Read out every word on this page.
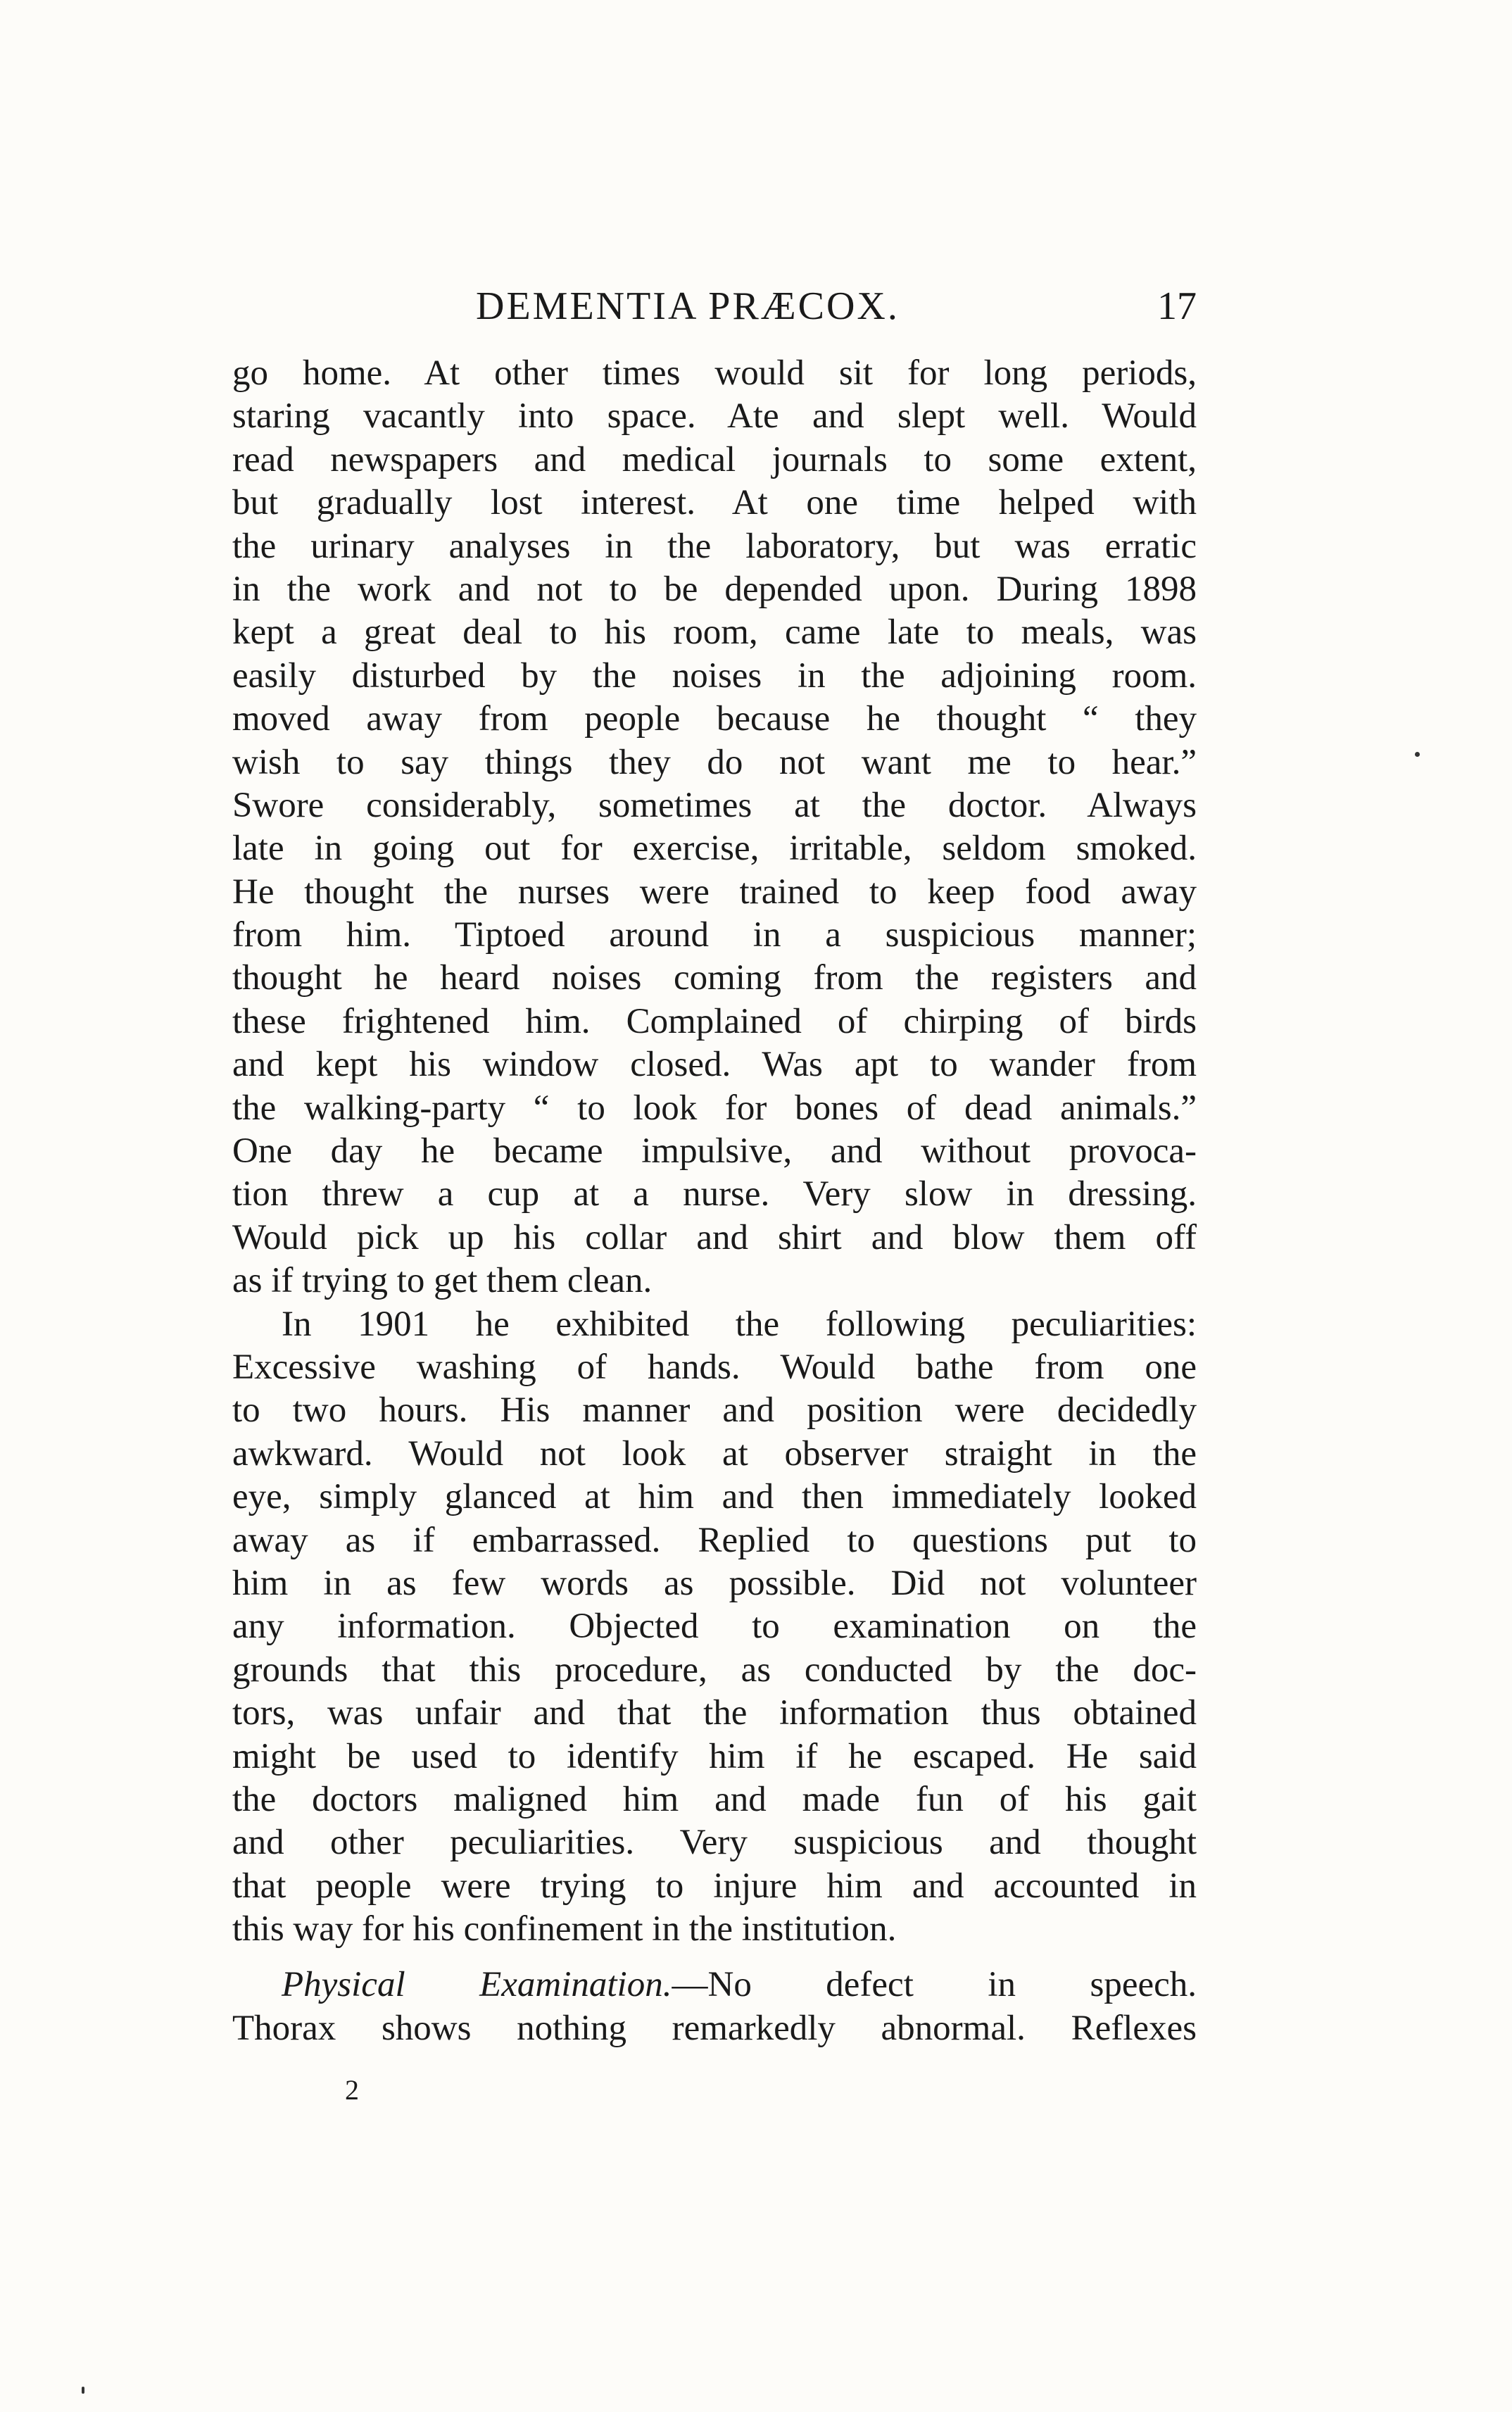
DEMENTIA PRÆCOX.	17
go home. At other times would sit for long periods,
staring vacantly into space. Ate and slept well. Would
read newspapers and medical journals to some extent,
but gradually lost interest. At one time helped with
the urinary analyses in the laboratory, but was erratic
in the work and not to be depended upon. During 1898
kept a great deal to his room, came late to meals, was
easily disturbed by the noises in the adjoining room.
moved away from people because he thought “ they
wish to say things they do not want me to hear.”
Swore considerably, sometimes at the doctor. Always
late in going out for exercise, irritable, seldom smoked.
He thought the nurses were trained to keep food away
from him. Tiptoed around in a suspicious manner;
thought he heard noises coming from the registers and
these frightened him. Complained of chirping of birds
and kept his window closed. Was apt to wander from
the walking-party “ to look for bones of dead animals.”
One day he became impulsive, and without provoca-
tion threw a cup at a nurse. Very slow in dressing.
Would pick up his collar and shirt and blow them off
as if trying to get them clean.
In 1901 he exhibited the following peculiarities:
Excessive washing of hands. Would bathe from one
to two hours. His manner and position were decidedly
awkward. Would not look at observer straight in the
eye, simply glanced at him and then immediately looked
away as if embarrassed. Replied to questions put to
him in as few words as possible. Did not volunteer
any information. Objected to examination on the
grounds that this procedure, as conducted by the doc-
tors, was unfair and that the information thus obtained
might be used to identify him if he escaped. He said
the doctors maligned him and made fun of his gait
and other peculiarities. Very suspicious and thought
that people were trying to injure him and accounted in
this way for his confinement in the institution.
Physical Examination.—No defect in speech.
Thorax shows nothing remarkedly abnormal. Reflexes
2
